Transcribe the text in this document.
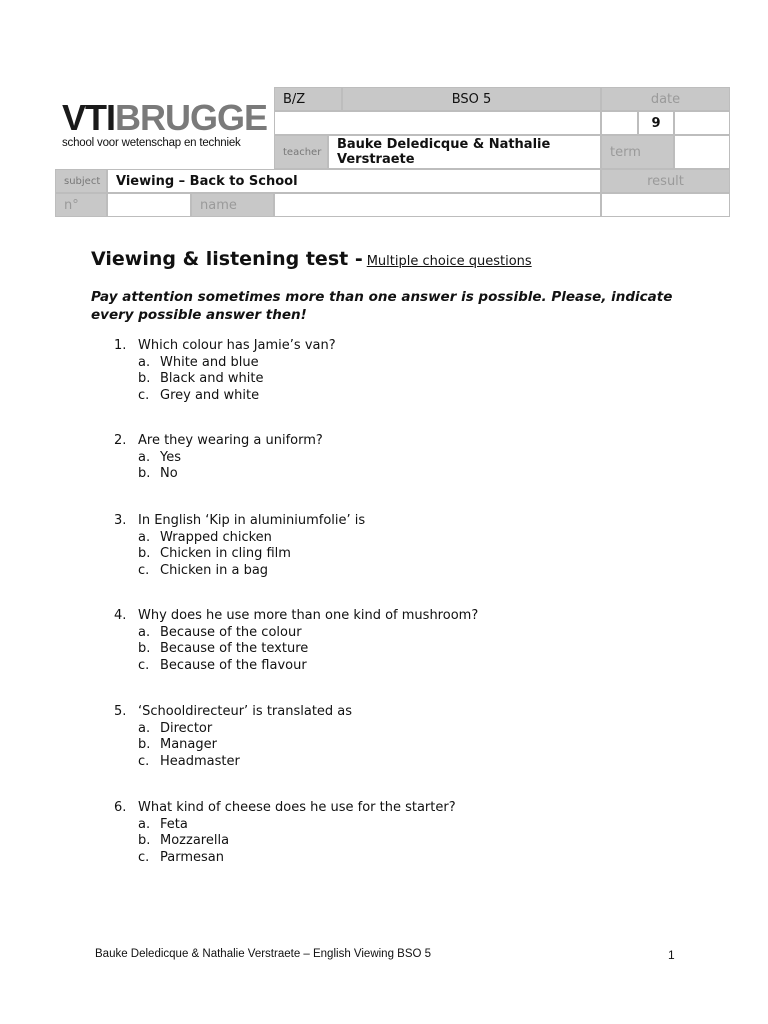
VTIBRUGGE
school voor wetenschap en techniek
B/Z	BSO 5	date
9
teacher Bauke Deledicque & Nathalie Verstraete	term
subject Viewing – Back to School	result
n°	name
Viewing & listening test - Multiple choice questions
Pay attention sometimes more than one answer is possible. Please, indicate every possible answer then!
1. Which colour has Jamie’s van?
a. White and blue
b. Black and white
c. Grey and white
2. Are they wearing a uniform?
a. Yes
b. No
3. In English ‘Kip in aluminiumfolie’ is
a. Wrapped chicken
b. Chicken in cling film
c. Chicken in a bag
4. Why does he use more than one kind of mushroom?
a. Because of the colour
b. Because of the texture
c. Because of the flavour
5. ‘Schooldirecteur’ is translated as
a. Director
b. Manager
c. Headmaster
6. What kind of cheese does he use for the starter?
a. Feta
b. Mozzarella
c. Parmesan
Bauke Deledicque & Nathalie Verstraete – English Viewing BSO 5	1
